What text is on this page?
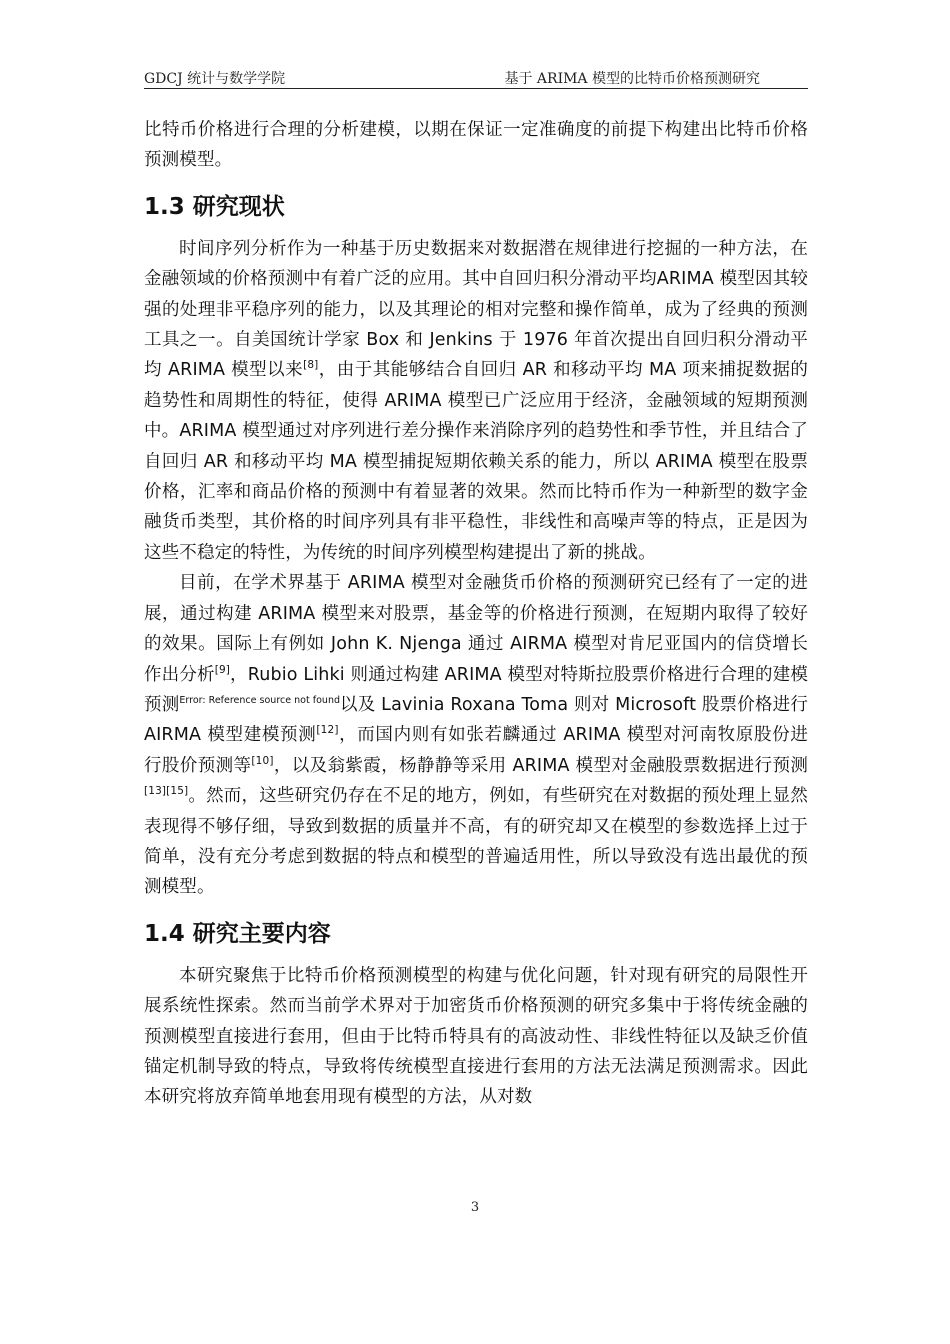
GDCJ 统计与数学学院	基于 ARIMA 模型的比特币价格预测研究

比特币价格进行合理的分析建模，以期在保证一定准确度的前提下构建出比特币价格预测模型。

1.3 研究现状

时间序列分析作为一种基于历史数据来对数据潜在规律进行挖掘的一种方法，在金融领域的价格预测中有着广泛的应用。其中自回归积分滑动平均ARIMA 模型因其较强的处理非平稳序列的能力，以及其理论的相对完整和操作简单，成为了经典的预测工具之一。自美国统计学家 Box 和 Jenkins 于 1976 年首次提出自回归积分滑动平均 ARIMA 模型以来[8]，由于其能够结合自回归 AR 和移动平均 MA 项来捕捉数据的趋势性和周期性的特征，使得 ARIMA 模型已广泛应用于经济，金融领域的短期预测中。ARIMA 模型通过对序列进行差分操作来消除序列的趋势性和季节性，并且结合了自回归 AR 和移动平均 MA 模型捕捉短期依赖关系的能力，所以 ARIMA 模型在股票价格，汇率和商品价格的预测中有着显著的效果。然而比特币作为一种新型的数字金融货币类型，其价格的时间序列具有非平稳性，非线性和高噪声等的特点，正是因为这些不稳定的特性，为传统的时间序列模型构建提出了新的挑战。

目前，在学术界基于 ARIMA 模型对金融货币价格的预测研究已经有了一定的进展，通过构建 ARIMA 模型来对股票，基金等的价格进行预测，在短期内取得了较好的效果。国际上有例如 John K. Njenga 通过 AIRMA 模型对肯尼亚国内的信贷增长作出分析[9]，Rubio Lihki 则通过构建 ARIMA 模型对特斯拉股票价格进行合理的建模预测$^{Error: Reference source not found}$以及 Lavinia Roxana Toma 则对 Microsoft 股票价格进行 AIRMA 模型建模预测[12]，而国内则有如张若麟通过 ARIMA 模型对河南牧原股份进行股价预测等[10]，以及翁紫霞，杨静静等采用 ARIMA 模型对金融股票数据进行预测[13][15]。然而，这些研究仍存在不足的地方，例如，有些研究在对数据的预处理上显然表现得不够仔细，导致到数据的质量并不高，有的研究却又在模型的参数选择上过于简单，没有充分考虑到数据的特点和模型的普遍适用性，所以导致没有选出最优的预测模型。

1.4 研究主要内容

本研究聚焦于比特币价格预测模型的构建与优化问题，针对现有研究的局限性开展系统性探索。然而当前学术界对于加密货币价格预测的研究多集中于将传统金融的预测模型直接进行套用，但由于比特币特具有的高波动性、非线性特征以及缺乏价值锚定机制导致的特点，导致将传统模型直接进行套用的方法无法满足预测需求。因此本研究将放弃简单地套用现有模型的方法，从对数

3
